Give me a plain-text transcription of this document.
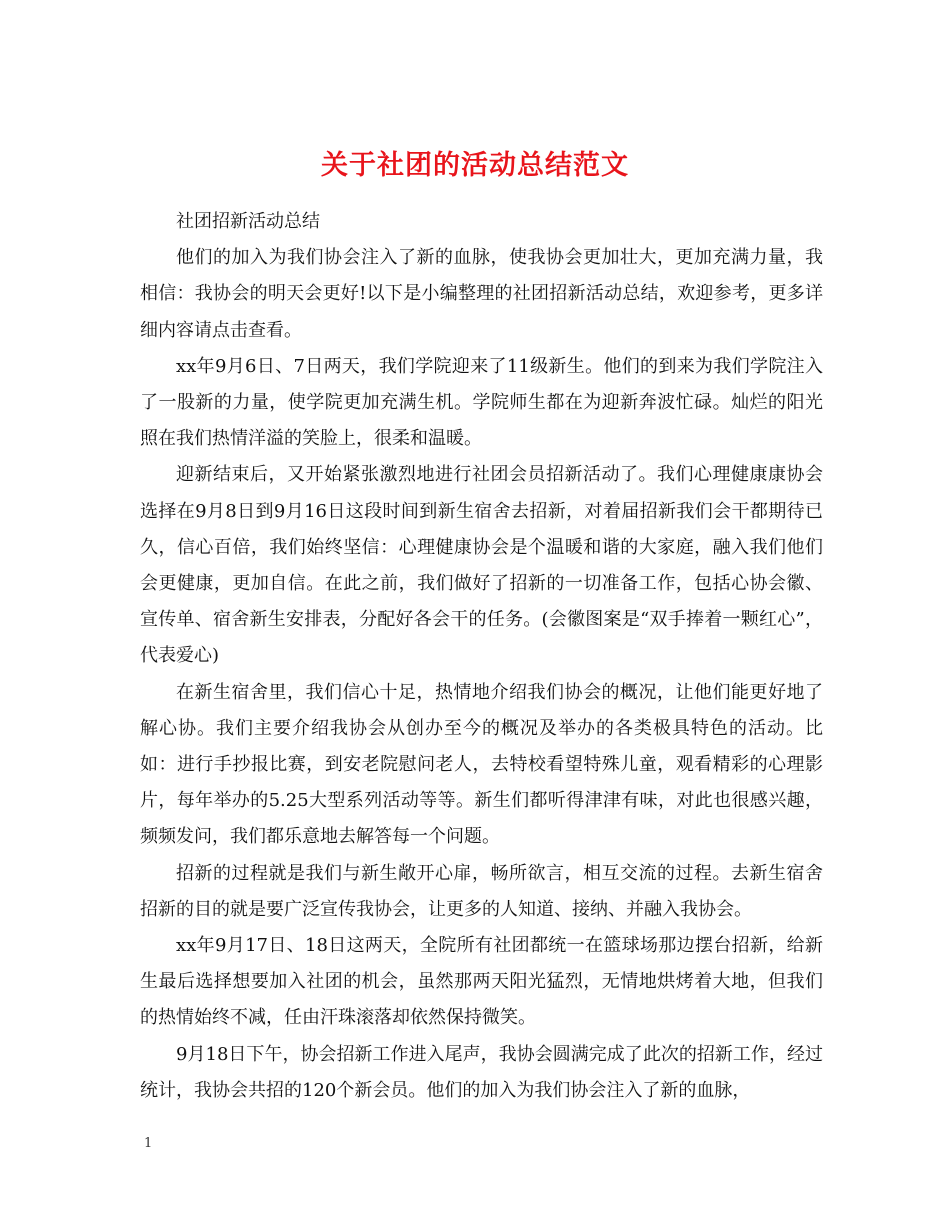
关于社团的活动总结范文

社团招新活动总结

他们的加入为我们协会注入了新的血脉，使我协会更加壮大，更加充满力量，我相信：我协会的明天会更好!以下是小编整理的社团招新活动总结，欢迎参考，更多详细内容请点击查看。

xx年9月6日、7日两天，我们学院迎来了11级新生。他们的到来为我们学院注入了一股新的力量，使学院更加充满生机。学院师生都在为迎新奔波忙碌。灿烂的阳光照在我们热情洋溢的笑脸上，很柔和温暖。

迎新结束后，又开始紧张激烈地进行社团会员招新活动了。我们心理健康康协会选择在9月8日到9月16日这段时间到新生宿舍去招新，对着届招新我们会干都期待已久，信心百倍，我们始终坚信：心理健康协会是个温暖和谐的大家庭，融入我们他们会更健康，更加自信。在此之前，我们做好了招新的一切准备工作，包括心协会徽、宣传单、宿舍新生安排表，分配好各会干的任务。(会徽图案是“双手捧着一颗红心”，代表爱心)

在新生宿舍里，我们信心十足，热情地介绍我们协会的概况，让他们能更好地了解心协。我们主要介绍我协会从创办至今的概况及举办的各类极具特色的活动。比如：进行手抄报比赛，到安老院慰问老人，去特校看望特殊儿童，观看精彩的心理影片，每年举办的5.25大型系列活动等等。新生们都听得津津有味，对此也很感兴趣，频频发问，我们都乐意地去解答每一个问题。

招新的过程就是我们与新生敞开心扉，畅所欲言，相互交流的过程。去新生宿舍招新的目的就是要广泛宣传我协会，让更多的人知道、接纳、并融入我协会。

xx年9月17日、18日这两天，全院所有社团都统一在篮球场那边摆台招新，给新生最后选择想要加入社团的机会，虽然那两天阳光猛烈，无情地烘烤着大地，但我们的热情始终不减，任由汗珠滚落却依然保持微笑。

9月18日下午，协会招新工作进入尾声，我协会圆满完成了此次的招新工作，经过统计，我协会共招的120个新会员。他们的加入为我们协会注入了新的血脉，

1
